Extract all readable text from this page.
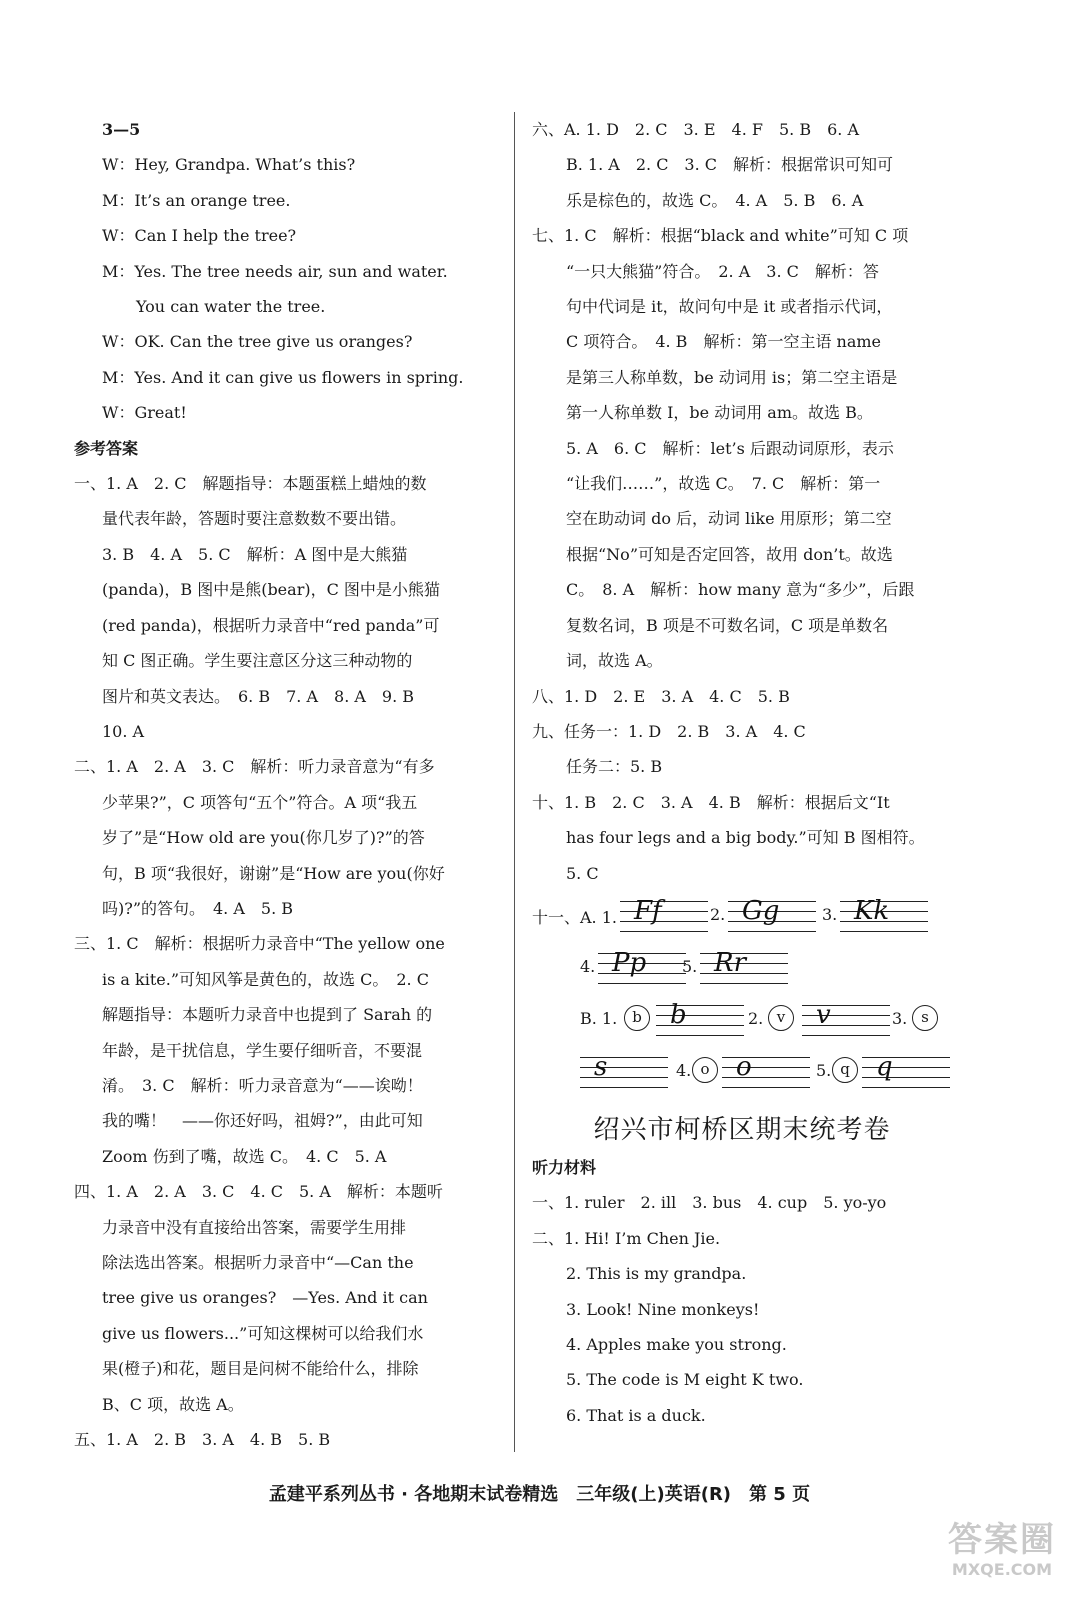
3—5
W：Hey, Grandpa. What’s this?
M：It’s an orange tree.
W：Can I help the tree?
M：Yes. The tree needs air, sun and water.
You can water the tree.
W：OK. Can the tree give us oranges?
M：Yes. And it can give us flowers in spring.
W：Great!
参考答案
一、1. A　2. C　解题指导：本题蛋糕上蜡烛的数
量代表年龄，答题时要注意数数不要出错。
3. B　4. A　5. C　解析：A 图中是大熊猫
(panda)，B 图中是熊(bear)，C 图中是小熊猫
(red panda)，根据听力录音中“red panda”可
知 C 图正确。学生要注意区分这三种动物的
图片和英文表达。　6. B　7. A　8. A　9. B
10. A
二、1. A　2. A　3. C　解析：听力录音意为“有多
少苹果?”，C 项答句“五个”符合。A 项“我五
岁了”是“How old are you(你几岁了)?”的答
句，B 项“我很好，谢谢”是“How are you(你好
吗)?”的答句。　4. A　5. B
三、1. C　解析：根据听力录音中“The yellow one
is a kite.”可知风筝是黄色的，故选 C。　2. C
解题指导：本题听力录音中也提到了 Sarah 的
年龄，是干扰信息，学生要仔细听音，不要混
淆。　3. C　解析：听力录音意为“——诶呦！
我的嘴！　——你还好吗，祖姆?”，由此可知
Zoom 伤到了嘴，故选 C。　4. C　5. A
四、1. A　2. A　3. C　4. C　5. A　解析：本题听
力录音中没有直接给出答案，需要学生用排
除法选出答案。根据听力录音中“—Can the
tree give us oranges?　—Yes. And it can
give us flowers...”可知这棵树可以给我们水
果(橙子)和花，题目是问树不能给什么，排除
B、C 项，故选 A。
五、1. A　2. B　3. A　4. B　5. B
六、A. 1. D　2. C　3. E　4. F　5. B　6. A
B. 1. A　2. C　3. C　解析：根据常识可知可
乐是棕色的，故选 C。　4. A　5. B　6. A
七、1. C　解析：根据“black and white”可知 C 项
“一只大熊猫”符合。　2. A　3. C　解析：答
句中代词是 it，故问句中是 it 或者指示代词，
C 项符合。　4. B　解析：第一空主语 name
是第三人称单数，be 动词用 is；第二空主语是
第一人称单数 I，be 动词用 am。故选 B。
5. A　6. C　解析：let’s 后跟动词原形，表示
“让我们……”，故选 C。　7. C　解析：第一
空在助动词 do 后，动词 like 用原形；第二空
根据“No”可知是否定回答，故用 don’t。故选
C。　8. A　解析：how many 意为“多少”，后跟
复数名词，B 项是不可数名词，C 项是单数名
词，故选 A。
八、1. D　2. E　3. A　4. C　5. B
九、任务一：1. D　2. B　3. A　4. C
任务二：5. B
十、1. B　2. C　3. A　4. B　解析：根据后文“It
has four legs and a big body.”可知 B 图相符。
5. C
十一、A. 1. Ff	2. Gg	3. Kk
4. Pp 5. Rr
B. 1. b	b	2. v	v	3. s
s	4. o	o	5. q	q
绍兴市柯桥区期末统考卷
听力材料
一、1. ruler　2. ill　3. bus　4. cup　5. yo-yo
二、1. Hi! I’m Chen Jie.
2. This is my grandpa.
3. Look! Nine monkeys!
4. Apples make you strong.
5. The code is M eight K two.
6. That is a duck.
孟建平系列丛书 · 各地期末试卷精选　三年级(上)英语(R)　第 5 页
答案圈
MXQE.COM
